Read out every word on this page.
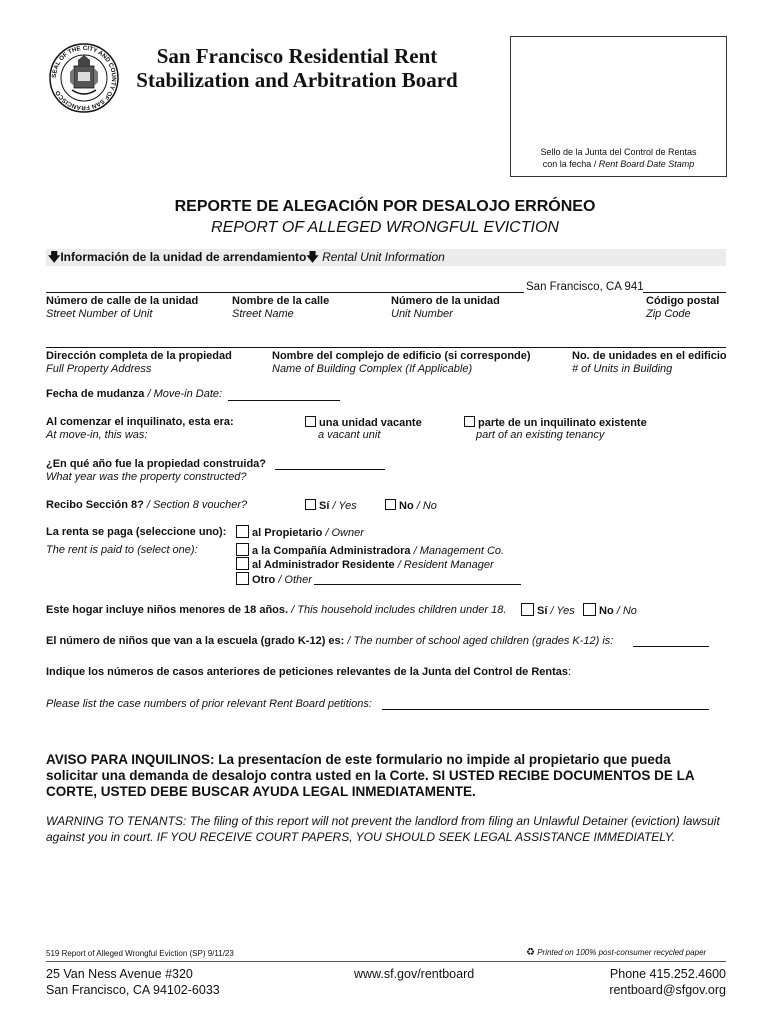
SEAL OF THE CITY AND COUNTY OF SAN FRANCISCO
San Francisco Residential Rent
Stabilization and Arbitration Board
Sello de la Junta del Control de Rentas
con la fecha / Rent Board Date Stamp
REPORTE DE ALEGACIÓN POR DESALOJO ERRÓNEO
REPORT OF ALLEGED WRONGFUL EVICTION
🡇Información de la unidad de arrendamiento🡇 Rental Unit Information
San Francisco, CA 941
Número de calle de la unidad
Street Number of Unit
Nombre de la calle
Street Name
Número de la unidad
Unit Number
Código postal
Zip Code
Dirección completa de la propiedad
Full Property Address
Nombre del complejo de edificio (si corresponde)
Name of Building Complex (If Applicable)
No. de unidades en el edificio
# of Units in Building
Fecha de mudanza / Move-in Date:
Al comenzar el inquilinato, esta era:
At move-in, this was:
una unidad vacante
a vacant unit
parte de un inquilinato existente
part of an existing tenancy
¿En qué año fue la propiedad construida?
What year was the property constructed?
Recibo Sección 8? / Section 8 voucher?	Sí / Yes	No / No
La renta se paga (seleccione uno):
The rent is paid to (select one):
al Propietario / Owner
a la Compañía Administradora / Management Co.
al Administrador Residente / Resident Manager
Otro / Other
Este hogar incluye niños menores de 18 años. / This household includes children under 18.	Sí / Yes	No / No
El número de niños que van a la escuela (grado K-12) es: / The number of school aged children (grades K-12) is:
Indique los números de casos anteriores de peticiones relevantes de la Junta del Control de Rentas:
Please list the case numbers of prior relevant Rent Board petitions:
AVISO PARA INQUILINOS: La presentacíon de este formulario no impide al propietario que pueda solicitar una demanda de desalojo contra usted en la Corte. SI USTED RECIBE DOCUMENTOS DE LA CORTE, USTED DEBE BUSCAR AYUDA LEGAL INMEDIATAMENTE.
WARNING TO TENANTS: The filing of this report will not prevent the landlord from filing an Unlawful Detainer (eviction) lawsuit against you in court. IF YOU RECEIVE COURT PAPERS, YOU SHOULD SEEK LEGAL ASSISTANCE IMMEDIATELY.
519 Report of Alleged Wrongful Eviction (SP) 9/11/23	♻ Printed on 100% post-consumer recycled paper
25 Van Ness Avenue #320
San Francisco, CA 94102-6033
www.sf.gov/rentboard	Phone 415.252.4600
rentboard@sfgov.org
